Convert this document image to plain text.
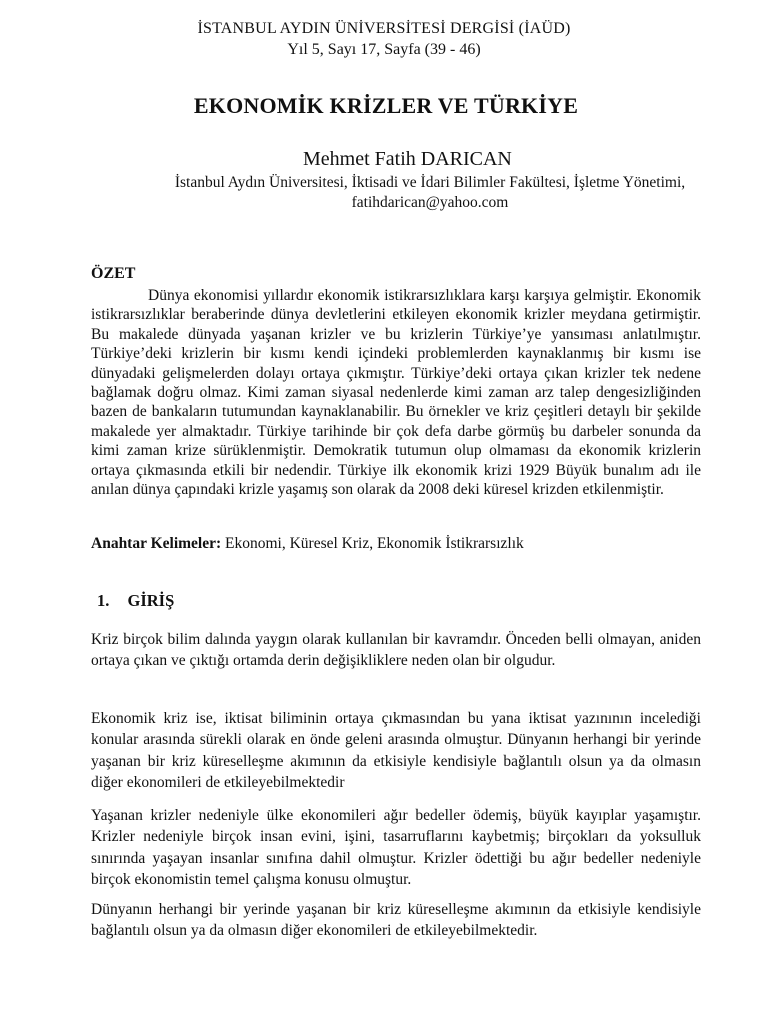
İSTANBUL AYDIN ÜNİVERSİTESİ DERGİSİ (İAÜD)
Yıl 5, Sayı 17, Sayfa (39 - 46)
EKONOMİK KRİZLER VE TÜRKİYE
Mehmet Fatih DARICAN
İstanbul Aydın Üniversitesi, İktisadi ve İdari Bilimler Fakültesi, İşletme Yönetimi, fatihdarican@yahoo.com
ÖZET

Dünya ekonomisi yıllardır ekonomik istikrarsızlıklara karşı karşıya gelmiştir. Ekonomik istikrarsızlıklar beraberinde dünya devletlerini etkileyen ekonomik krizler meydana getirmiştir. Bu makalede dünyada yaşanan krizler ve bu krizlerin Türkiye’ye yansıması anlatılmıştır. Türkiye’deki krizlerin bir kısmı kendi içindeki problemlerden kaynaklanmış bir kısmı ise dünyadaki gelişmelerden dolayı ortaya çıkmıştır. Türkiye’deki ortaya çıkan krizler tek nedene bağlamak doğru olmaz. Kimi zaman siyasal nedenlerde kimi zaman arz talep dengesizliğinden bazen de bankaların tutumundan kaynaklanabilir. Bu örnekler ve kriz çeşitleri detaylı bir şekilde makalede yer almaktadır. Türkiye tarihinde bir çok defa darbe görmüş bu darbeler sonunda da kimi zaman krize sürüklenmiştir. Demokratik tutumun olup olmaması da ekonomik krizlerin ortaya çıkmasında etkili bir nedendir. Türkiye ilk ekonomik krizi 1929 Büyük bunalım adı ile anılan dünya çapındaki krizle yaşamış son olarak da 2008 deki küresel krizden etkilenmiştir.

Anahtar Kelimeler: Ekonomi, Küresel Kriz, Ekonomik İstikrarsızlık
1. GİRİŞ

Kriz birçok bilim dalında yaygın olarak kullanılan bir kavramdır. Önceden belli olmayan, aniden ortaya çıkan ve çıktığı ortamda derin değişikliklere neden olan bir olgudur.

Ekonomik kriz ise, iktisat biliminin ortaya çıkmasından bu yana iktisat yazınının incelediği konular arasında sürekli olarak en önde geleni arasında olmuştur. Dünyanın herhangi bir yerinde yaşanan bir kriz küreselleşme akımının da etkisiyle kendisiyle bağlantılı olsun ya da olmasın diğer ekonomileri de etkileyebilmektedir

Yaşanan krizler nedeniyle ülke ekonomileri ağır bedeller ödemiş, büyük kayıplar yaşamıştır. Krizler nedeniyle birçok insan evini, işini, tasarruflarını kaybetmiş; birçokları da yoksulluk sınırında yaşayan insanlar sınıfına dahil olmuştur. Krizler ödettiği bu ağır bedeller nedeniyle birçok ekonomistin temel çalışma konusu olmuştur.

Dünyanın herhangi bir yerinde yaşanan bir kriz küreselleşme akımının da etkisiyle kendisiyle bağlantılı olsun ya da olmasın diğer ekonomileri de etkileyebilmektedir.
